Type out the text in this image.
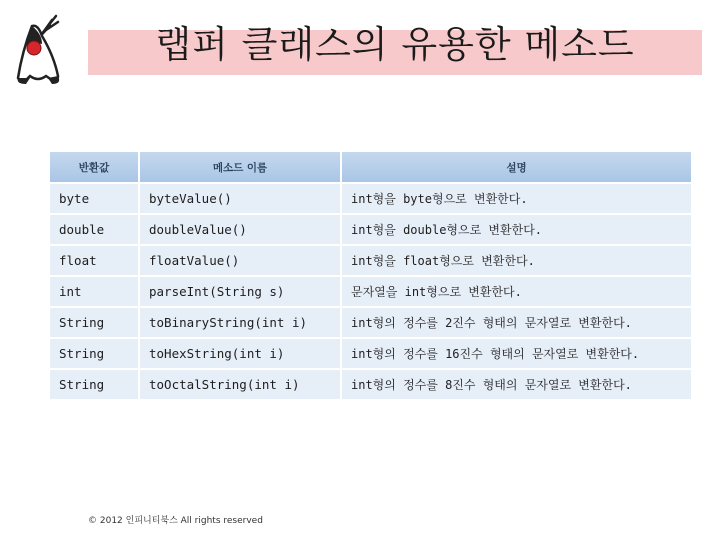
랩퍼 클래스의 유용한 메소드
반환값	메소드 이름	설명
byte	byteValue()	int형을 byte형으로 변환한다.
double	doubleValue()	int형을 double형으로 변환한다.
float	floatValue()	int형을 float형으로 변환한다.
int	parseInt(String s)	문자열을 int형으로 변환한다.
String	toBinaryString(int i)	int형의 정수를 2진수 형태의 문자열로 변환한다.
String	toHexString(int i)	int형의 정수를 16진수 형태의 문자열로 변환한다.
String	toOctalString(int i)	int형의 정수를 8진수 형태의 문자열로 변환한다.
© 2012 인피니티북스 All rights reserved
